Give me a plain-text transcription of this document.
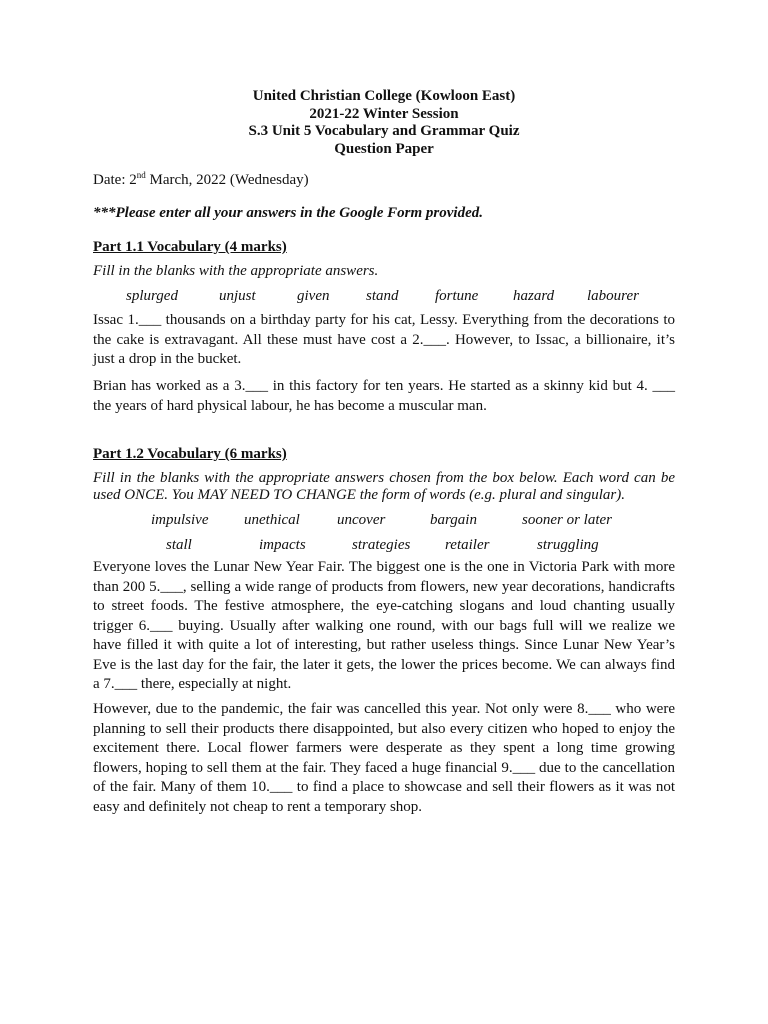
United Christian College (Kowloon East)
2021-22 Winter Session
S.3 Unit 5 Vocabulary and Grammar Quiz
Question Paper
Date: 2nd March, 2022 (Wednesday)
***Please enter all your answers in the Google Form provided.
Part 1.1 Vocabulary (4 marks)
Fill in the blanks with the appropriate answers.
splurged	unjust	given stand fortune hazard labourer

Issac 1.___ thousands on a birthday party for his cat, Lessy. Everything from the decorations to the cake is extravagant. All these must have cost a 2.___. However, to Issac, a billionaire, it’s just a drop in the bucket.

Brian has worked as a 3.___ in this factory for ten years. He started as a skinny kid but 4. ___ the years of hard physical labour, he has become a muscular man.

Part 1.2 Vocabulary (6 marks)

Fill in the blanks with the appropriate answers chosen from the box below. Each word can be used ONCE. You MAY NEED TO CHANGE the form of words (e.g. plural and singular).

impulsive unethical uncover	bargain	sooner or later
stall	impacts	strategies retailer	struggling

Everyone loves the Lunar New Year Fair. The biggest one is the one in Victoria Park with more than 200 5.___, selling a wide range of products from flowers, new year decorations, handicrafts to street foods. The festive atmosphere, the eye-catching slogans and loud chanting usually trigger 6.___ buying. Usually after walking one round, with our bags full will we realize we have filled it with quite a lot of interesting, but rather useless things. Since Lunar New Year’s Eve is the last day for the fair, the later it gets, the lower the prices become. We can always find a 7.___ there, especially at night.

However, due to the pandemic, the fair was cancelled this year. Not only were 8.___ who were planning to sell their products there disappointed, but also every citizen who hoped to enjoy the excitement there. Local flower farmers were desperate as they spent a long time growing flowers, hoping to sell them at the fair. They faced a huge financial 9.___ due to the cancellation of the fair. Many of them 10.___ to find a place to showcase and sell their flowers as it was not easy and definitely not cheap to rent a temporary shop.
